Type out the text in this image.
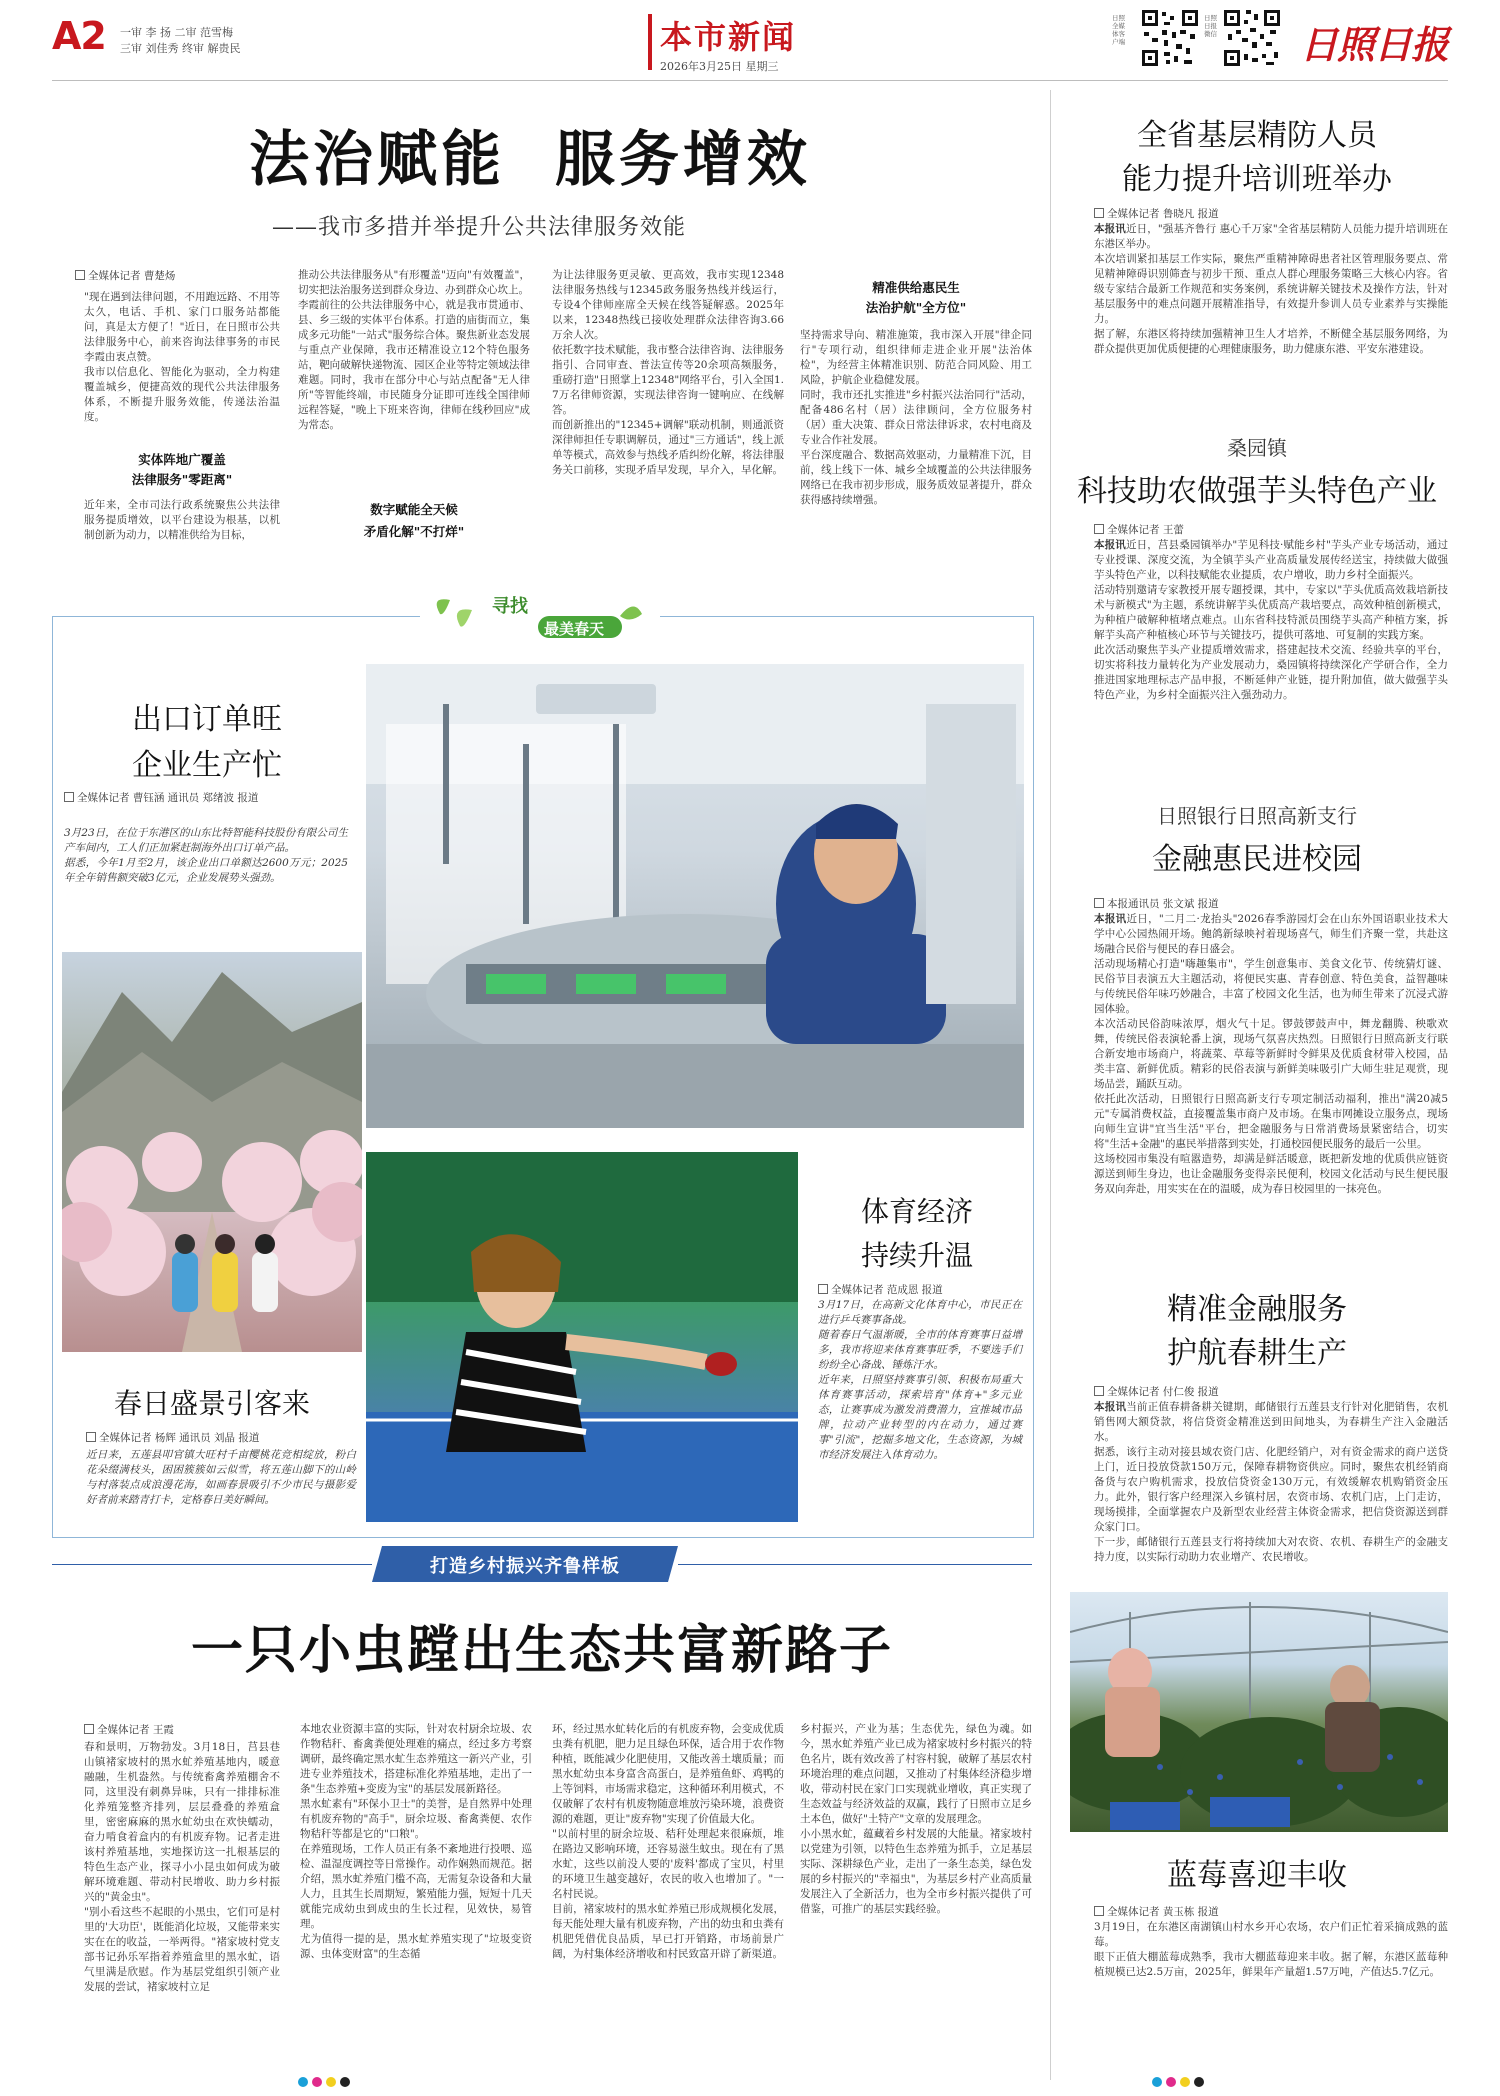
A2 一审 李 扬 二审 范雪梅
三审 刘佳秀 终审 解贵民	本市新闻
2026年3月25日 星期三
日照全媒体客户端
日照日报微信 日照日报
法治赋能  服务增效
——我市多措并举提升公共法律服务效能
全媒体记者 曹楚炀

"现在遇到法律问题，不用跑远路、不用等太久，电话、手机、家门口服务站都能问，真是太方便了！"近日，在日照市公共法律服务中心，前来咨询法律事务的市民李霞由衷点赞。
我市以信息化、智能化为驱动，全力构建覆盖城乡，便捷高效的现代公共法律服务体系，不断提升服务效能，传递法治温度。

实体阵地广覆盖
法律服务"零距离"

近年来，全市司法行政系统聚焦公共法律服务提质增效，以平台建设为根基，以机制创新为动力，以精准供给为目标，

推动公共法律服务从"有形覆盖"迈向"有效覆盖"，切实把法治服务送到群众身边、办到群众心坎上。
李霞前往的公共法律服务中心，就是我市贯通市、县、乡三级的实体平台体系。打造的庙街而立，集成多元功能"一站式"服务综合体。聚焦新业态发展与重点产业保障，我市还精准设立12个特色服务站，靶向破解快递物流、园区企业等特定领域法律难题。同时，我市在部分中心与站点配备"无人律所"等智能终端，市民随身分证即可连线全国律师远程答疑，"晚上下班来咨询，律师在线秒回应"成为常态。

数字赋能全天候
矛盾化解"不打烊"

为让法律服务更灵敏、更高效，我市实现12348法律服务热线与12345政务服务热线并线运行，专设4个律师座席全天候在线答疑解惑。2025年以来，12348热线已接收处理群众法律咨询3.66万余人次。
依托数字技术赋能，我市整合法律咨询、法律服务指引、合同审查、普法宣传等20余项高频服务，重磅打造"日照掌上12348"网络平台，引入全国1.7万名律师资源，实现法律咨询一键响应、在线解答。
而创新推出的"12345+调解"联动机制，则通派资深律师担任专职调解员，通过"三方通话"，线上派单等模式，高效参与热线矛盾纠纷化解，将法律服务关口前移，实现矛盾早发现，早介入，早化解。

精准供给惠民生
法治护航"全方位"

坚持需求导向、精准施策，我市深入开展"律企同行"专项行动，组织律师走进企业开展"法治体检"，为经营主体精准识别、防范合同风险、用工风险，护航企业稳健发展。
同时，我市还扎实推进"乡村振兴法治同行"活动，配备486名村（居）法律顾问，全方位服务村（居）重大决策、群众日常法律诉求，农村电商及专业合作社发展。
平台深度融合、数据高效驱动，力量精准下沉，目前，线上线下一体、城乡全域覆盖的公共法律服务网络已在我市初步形成，服务质效显著提升，群众获得感持续增强。

全省基层精防人员
能力提升培训班举办
全媒体记者 鲁晓凡 报道

本报讯近日，"强基齐鲁行 惠心千万家"全省基层精防人员能力提升培训班在东港区举办。
本次培训紧扣基层工作实际，聚焦严重精神障碍患者社区管理服务要点、常见精神障碍识别筛查与初步干预、重点人群心理服务策略三大核心内容。省级专家结合最新工作规范和实务案例，系统讲解关键技术及操作方法，针对基层服务中的难点问题开展精准指导，有效提升参训人员专业素养与实操能力。
据了解，东港区将持续加强精神卫生人才培养，不断健全基层服务网络，为群众提供更加优质便捷的心理健康服务，助力健康东港、平安东港建设。

桑园镇
科技助农做强芋头特色产业
全媒体记者 王蕾

本报讯近日，莒县桑园镇举办"芋见科技·赋能乡村"芋头产业专场活动，通过专业授课、深度交流，为全镇芋头产业高质量发展传经送宝，持续做大做强芋头特色产业，以科技赋能农业提质，农户增收，助力乡村全面振兴。
活动特别邀请专家教授开展专题授课，其中，专家以"芋头优质高效栽培新技术与新模式"为主题，系统讲解芋头优质高产栽培要点，高效种植创新模式，为种植户破解种植堵点难点。山东省科技特派员围绕芋头高产种植方案，拆解芋头高产种植核心环节与关键技巧，提供可落地、可复制的实践方案。
此次活动聚焦芋头产业提质增效需求，搭建起技术交流、经验共享的平台，切实将科技力量转化为产业发展动力，桑园镇将持续深化产学研合作，全力推进国家地理标志产品申报，不断延伸产业链，提升附加值，做大做强芋头特色产业，为乡村全面振兴注入强劲动力。

日照银行日照高新支行
金融惠民进校园
本报通讯员 张文斌 报道

本报讯近日，"二月二·龙抬头"2026春季游园灯会在山东外国语职业技术大学中心公园热闹开场。鲍鸽新绿映衬着现场喜气，师生们齐聚一堂，共赴这场融合民俗与便民的春日盛会。
活动现场精心打造"嗨趣集市"，学生创意集市、美食文化节、传统猜灯谜、民俗节目表演五大主题活动，将便民实惠、青春创意、特色美食，益智趣味与传统民俗年味巧妙融合，丰富了校园文化生活，也为师生带来了沉浸式游园体验。
本次活动民俗韵味浓厚，烟火气十足。锣鼓锣鼓声中，舞龙翻腾、秧歌欢舞，传统民俗表演轮番上演，现场气氛喜庆热烈。日照银行日照高新支行联合新安地市场商户，将蔬菜、草莓等新鲜时令鲜果及优质食材带入校园，品类丰富、新鲜优质。精彩的民俗表演与新鲜美味吸引广大师生驻足观赏，现场品尝，踊跃互动。
依托此次活动，日照银行日照高新支行专项定制活动福利，推出"满20减5元"专属消费权益，直接覆盖集市商户及市场。在集市网摊设立服务点，现场向师生宣讲"宜当生活"平台，把金融服务与日常消费场景紧密结合，切实将"生活+金融"的惠民举措落到实处，打通校园便民服务的最后一公里。
这场校园市集没有喧嚣造势，却满是鲜活暖意，既把新发地的优质供应链资源送到师生身边，也让金融服务变得亲民便利，校园文化活动与民生便民服务双向奔赴，用实实在在的温暖，成为春日校园里的一抹亮色。

精准金融服务
护航春耕生产
全媒体记者 付仁俊 报道

本报讯当前正值春耕备耕关键期，邮储银行五莲县支行针对化肥销售，农机销售网大额贷款，将信贷资金精准送到田间地头，为春耕生产注入金融活水。
据悉，该行主动对接县域农资门店、化肥经销户，对有资金需求的商户送贷上门，近日投放贷款150万元，保障春耕物资供应。同时，聚焦农机经销商备货与农户购机需求，投放信贷资金130万元，有效缓解农机购销资金压力。此外，银行客户经理深入乡镇村居，农资市场、农机门店，上门走访，现场摸排，全面掌握农户及新型农业经营主体资金需求，把信贷资源送到群众家门口。
下一步，邮储银行五莲县支行将持续加大对农资、农机、春耕生产的金融支持力度，以实际行动助力农业增产、农民增收。

蓝莓喜迎丰收
全媒体记者 黄玉栋 报道

3月19日，在东港区南湖镇山村水乡开心农场，农户们正忙着采摘成熟的蓝莓。
眼下正值大棚蓝莓成熟季，我市大棚蓝莓迎来丰收。据了解，东港区蓝莓种植规模已达2.5万亩，2025年，鲜果年产量超1.57万吨，产值达5.7亿元。

寻找
最美春天
出口订单旺
企业生产忙
全媒体记者 曹钰涵 通讯员 郑绪波 报道

3月23日，在位于东港区的山东比特智能科技股份有限公司生产车间内，工人们正加紧赶制海外出口订单产品。
据悉，今年1月至2月，该企业出口单额达2600万元；2025年全年销售额突破3亿元，企业发展势头强劲。

春日盛景引客来
全媒体记者 杨辉 通讯员 刘晶 报道

近日来，五莲县叩官镇大旺村千亩樱桃花竞相绽放，粉白花朵缀满枝头，困困簇簇如云似雪，将五莲山脚下的山岭与村落装点成浪漫花海，如画春景吸引不少市民与摄影爱好者前来踏青打卡，定格春日美好瞬间。

体育经济
持续升温
全媒体记者 范成恩 报道

3月17日，在高新文化体育中心，市民正在进行乒乓赛事备战。
随着春日气温渐暖，全市的体育赛事日益增多，我市将迎来体育赛事旺季，不要选手们纷纷全心备战、锤炼汗水。
近年来，日照坚持赛事引领、积极布局重大体育赛事活动，探索培育"体育+"多元业态，让赛事成为激发消费潜力，宣推城市品牌，拉动产业转型的内在动力，通过赛事"引流"，挖掘多地文化，生态资源，为城市经济发展注入体育动力。

打造乡村振兴齐鲁样板
一只小虫蹚出生态共富新路子
全媒体记者 王霞

春和景明，万物勃发。3月18日，莒县巷山镇褚家坡村的黑水虻养殖基地内，暖意融融，生机盎然。与传统畜禽养殖棚舍不同，这里没有刺鼻异味，只有一排排标准化养殖笼整齐排列，层层叠叠的养殖盒里，密密麻麻的黑水虻幼虫在欢快蠕动，奋力啃食着盒内的有机废弃物。记者走进该村养殖基地，实地探访这一扎根基层的特色生态产业，探寻小小昆虫如何成为破解环境难题、带动村民增收、助力乡村振兴的"黄金虫"。
"别小看这些不起眼的小黑虫，它们可是村里的'大功臣'，既能消化垃圾，又能带来实实在在的收益，一举两得。"褚家坡村党支部书记孙乐军指着养殖盒里的黑水虻，语气里满是欣慰。作为基层党组织引领产业发展的尝试，褚家坡村立足

本地农业资源丰富的实际，针对农村厨余垃圾、农作物秸秆、畜禽粪便处理难的痛点，经过多方考察调研，最终确定黑水虻生态养殖这一新兴产业，引进专业养殖技术，搭建标准化养殖基地，走出了一条"生态养殖+变废为宝"的基层发展新路径。
黑水虻素有"环保小卫士"的美誉，是自然界中处理有机废弃物的"高手"，厨余垃圾、畜禽粪便、农作物秸秆等都是它的"口粮"。
在养殖现场，工作人员正有条不紊地进行投喂、巡检、温湿度调控等日常操作。动作娴熟而规范。据介绍，黑水虻养殖门槛不高，无需复杂设备和大量人力，且其生长周期短，繁殖能力强，短短十几天就能完成幼虫到成虫的生长过程，见效快，易管理。
尤为值得一提的是，黑水虻养殖实现了"垃圾变资源、虫体变财富"的生态循

环，经过黑水虻转化后的有机废弃物，会变成优质虫粪有机肥，肥力足且绿色环保，适合用于农作物种植，既能减少化肥使用，又能改善土壤质量；而黑水虻幼虫本身富含高蛋白，是养殖鱼虾、鸡鸭的上等饲料，市场需求稳定，这种循环利用模式，不仅破解了农村有机废物随意堆放污染环境，浪费资源的难题，更让"废弃物"实现了价值最大化。
"以前村里的厨余垃圾、秸秆处理起来很麻烦，堆在路边又影响环境，还容易滋生蚊虫。现在有了黑水虻，这些以前没人要的'废料'都成了宝贝，村里的环境卫生越变越好，农民的收入也增加了。"一名村民说。
目前，褚家坡村的黑水虻养殖已形成规模化发展，每天能处理大量有机废弃物，产出的幼虫和虫粪有机肥凭借优良品质，早已打开销路，市场前景广阔，为村集体经济增收和村民致富开辟了新渠道。

乡村振兴，产业为基；生态优先，绿色为魂。如今，黑水虻养殖产业已成为褚家坡村乡村振兴的特色名片，既有效改善了村容村貌，破解了基层农村环境治理的难点问题，又推动了村集体经济稳步增收，带动村民在家门口实现就业增收，真正实现了生态效益与经济效益的双赢，践行了日照市立足乡土本色，做好"土特产"文章的发展理念。
小小黑水虻，蕴藏着乡村发展的大能量。褚家坡村以党建为引领，以特色生态养殖为抓手，立足基层实际、深耕绿色产业，走出了一条生态美，绿色发展的乡村振兴的"幸福虫"，为基层乡村产业高质量发展注入了全新活力，也为全市乡村振兴提供了可借鉴，可推广的基层实践经验。
